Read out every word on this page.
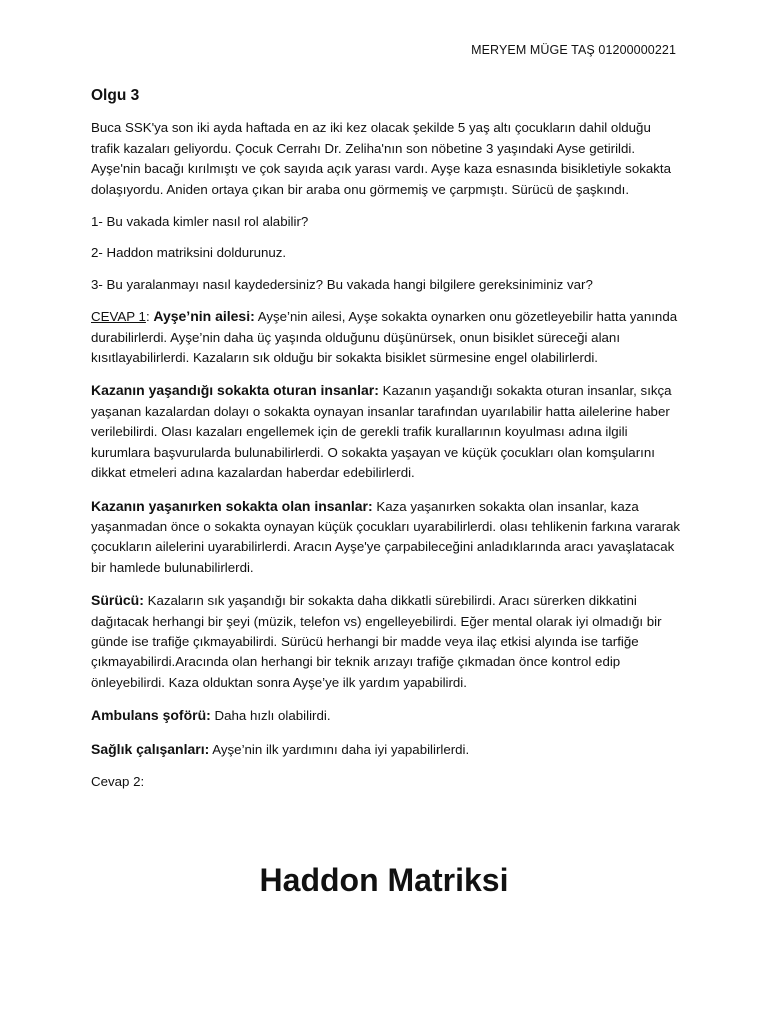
MERYEM MÜGE TAŞ 01200000221
Olgu 3

Buca SSK'ya son iki ayda haftada en az iki kez olacak şekilde 5 yaş altı çocukların dahil olduğu trafik kazaları geliyordu. Çocuk Cerrahı Dr. Zeliha'nın son nöbetine 3 yaşındaki Ayse getirildi. Ayşe'nin bacağı kırılmıştı ve çok sayıda açık yarası vardı. Ayşe kaza esnasında bisikletiyle sokakta dolaşıyordu. Aniden ortaya çıkan bir araba onu görmemiş ve çarpmıştı. Sürücü de şaşkındı.

1- Bu vakada kimler nasıl rol alabilir?

2- Haddon matriksini doldurunuz.

3- Bu yaralanmayı nasıl kaydedersiniz? Bu vakada hangi bilgilere gereksiniminiz var?

CEVAP 1: Ayşe’nin ailesi: Ayşe’nin ailesi, Ayşe sokakta oynarken onu gözetleyebilir hatta yanında durabilirlerdi. Ayşe’nin daha üç yaşında olduğunu düşünürsek, onun bisiklet süreceği alanı kısıtlayabilirlerdi. Kazaların sık olduğu bir sokakta bisiklet sürmesine engel olabilirlerdi.

Kazanın yaşandığı sokakta oturan insanlar: Kazanın yaşandığı sokakta oturan insanlar, sıkça yaşanan kazalardan dolayı o sokakta oynayan insanlar tarafından uyarılabilir hatta ailelerine haber verilebilirdi. Olası kazaları engellemek için de gerekli trafik kurallarının koyulması adına ilgili kurumlara başvurularda bulunabilirlerdi. O sokakta yaşayan ve küçük çocukları olan komşularını dikkat etmeleri adına kazalardan haberdar edebilirlerdi.

Kazanın yaşanırken sokakta olan insanlar: Kaza yaşanırken sokakta olan insanlar, kaza yaşanmadan önce o sokakta oynayan küçük çocukları uyarabilirlerdi. olası tehlikenin farkına vararak çocukların ailelerini uyarabilirlerdi. Aracın Ayşe'ye çarpabileceğini anladıklarında aracı yavaşlatacak bir hamlede bulunabilirlerdi.

Sürücü: Kazaların sık yaşandığı bir sokakta daha dikkatli sürebilirdi. Aracı sürerken dikkatini dağıtacak herhangi bir şeyi (müzik, telefon vs) engelleyebilirdi. Eğer mental olarak iyi olmadığı bir günde ise trafiğe çıkmayabilirdi. Sürücü herhangi bir madde veya ilaç etkisi alyında ise tarfiğe çıkmayabilirdi.Aracında olan herhangi bir teknik arızayı trafiğe çıkmadan önce kontrol edip önleyebilirdi. Kaza olduktan sonra Ayşe’ye ilk yardım yapabilirdi.

Ambulans şoförü: Daha hızlı olabilirdi.

Sağlık çalışanları: Ayşe’nin ilk yardımını daha iyi yapabilirlerdi.

Cevap 2:

Haddon Matriksi
